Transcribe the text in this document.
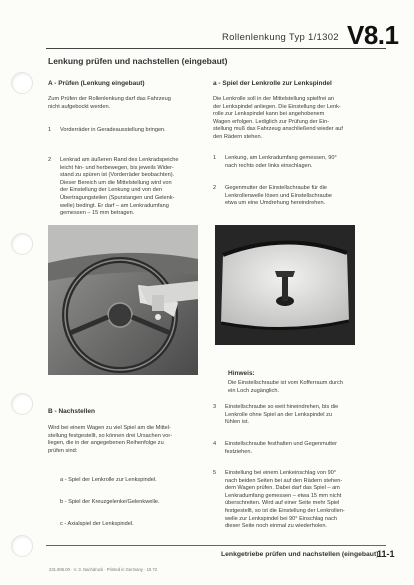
Rollenlenkung Typ 1/1302 V8.1
Lenkung prüfen und nachstellen (eingebaut)
A - Prüfen (Lenkung eingebaut)
Zum Prüfen der Rollenlenkung darf das Fahrzeug
nicht aufgebockt werden.
1 Vorderräder in Geradeausstellung bringen.
2 Lenkrad am äußeren Rand des Lenkradspeiche
leicht hin- und herbewegen, bis jeweils Wider-
stand zu spüren ist (Vorderräder beobachten).
Dieser Bereich um die Mittelstellung wird von
der Einstellung der Lenkung und von den
Übertragungsteilen (Spurstangen und Gelenk-
welle) bedingt. Er darf – am Lenkradumfang
gemessen – 15 mm betragen.
a - Spiel der Lenkrolle zur Lenkspindel
Die Lenkrolle soll in der Mittelstellung spielfrei an
der Lenkspindel anliegen. Die Einstellung der Lenk-
rolle zur Lenkspindel kann bei angehobenem
Wagen erfolgen. Lediglich zur Prüfung der Ein-
stellung muß das Fahrzeug anschließend wieder auf
den Rädern stehen.
1 Lenkung, am Lenkradumfang gemessen, 90°
nach rechts oder links einschlagen.
2 Gegenmutter der Einstellschraube für die
Lenkrollenwelle lösen und Einstellschraube
etwa um eine Umdrehung hereindrehen.
Hinweis:
Die Einstellschraube ist vom Kofferraum durch
ein Loch zugänglich.
B - Nachstellen
Wird bei einem Wagen zu viel Spiel am die Mittel-
stellung festgestellt, so können drei Ursachen vor-
liegen, die in der angegebenen Reihenfolge zu
prüfen sind:
a - Spiel der Lenkrolle zur Lenkspindel.
b - Spiel der Kreuzgelenke/Gelenkwelle.
c - Axialspiel der Lenkspindel.
3 Einstellschraube so weit hineindrehen, bis die
Lenkrolle ohne Spiel an der Lenkspindel zu
fühlen ist.
4 Einstellschraube festhalten und Gegenmutter
festziehen.
5 Einstellung bei einem Lenkeinschlag von 90°
nach beiden Seiten bei auf den Rädern stehen-
dem Wagen prüfen. Dabei darf das Spiel – am
Lenkradumfang gemessen – etwa 15 mm nicht
überschreiten. Wird auf einer Seite mehr Spiel
festgestellt, so ist die Einstellung der Lenkrollen-
welle zur Lenkspindel bei 90° Einschlag nach
dieser Seite noch einmal zu wiederholen.
Lenkgetriebe prüfen und nachstellen (eingebaut)
11-1
231.806.00 · V. 3. Nachdruck · Printed in Germany · 10.72
